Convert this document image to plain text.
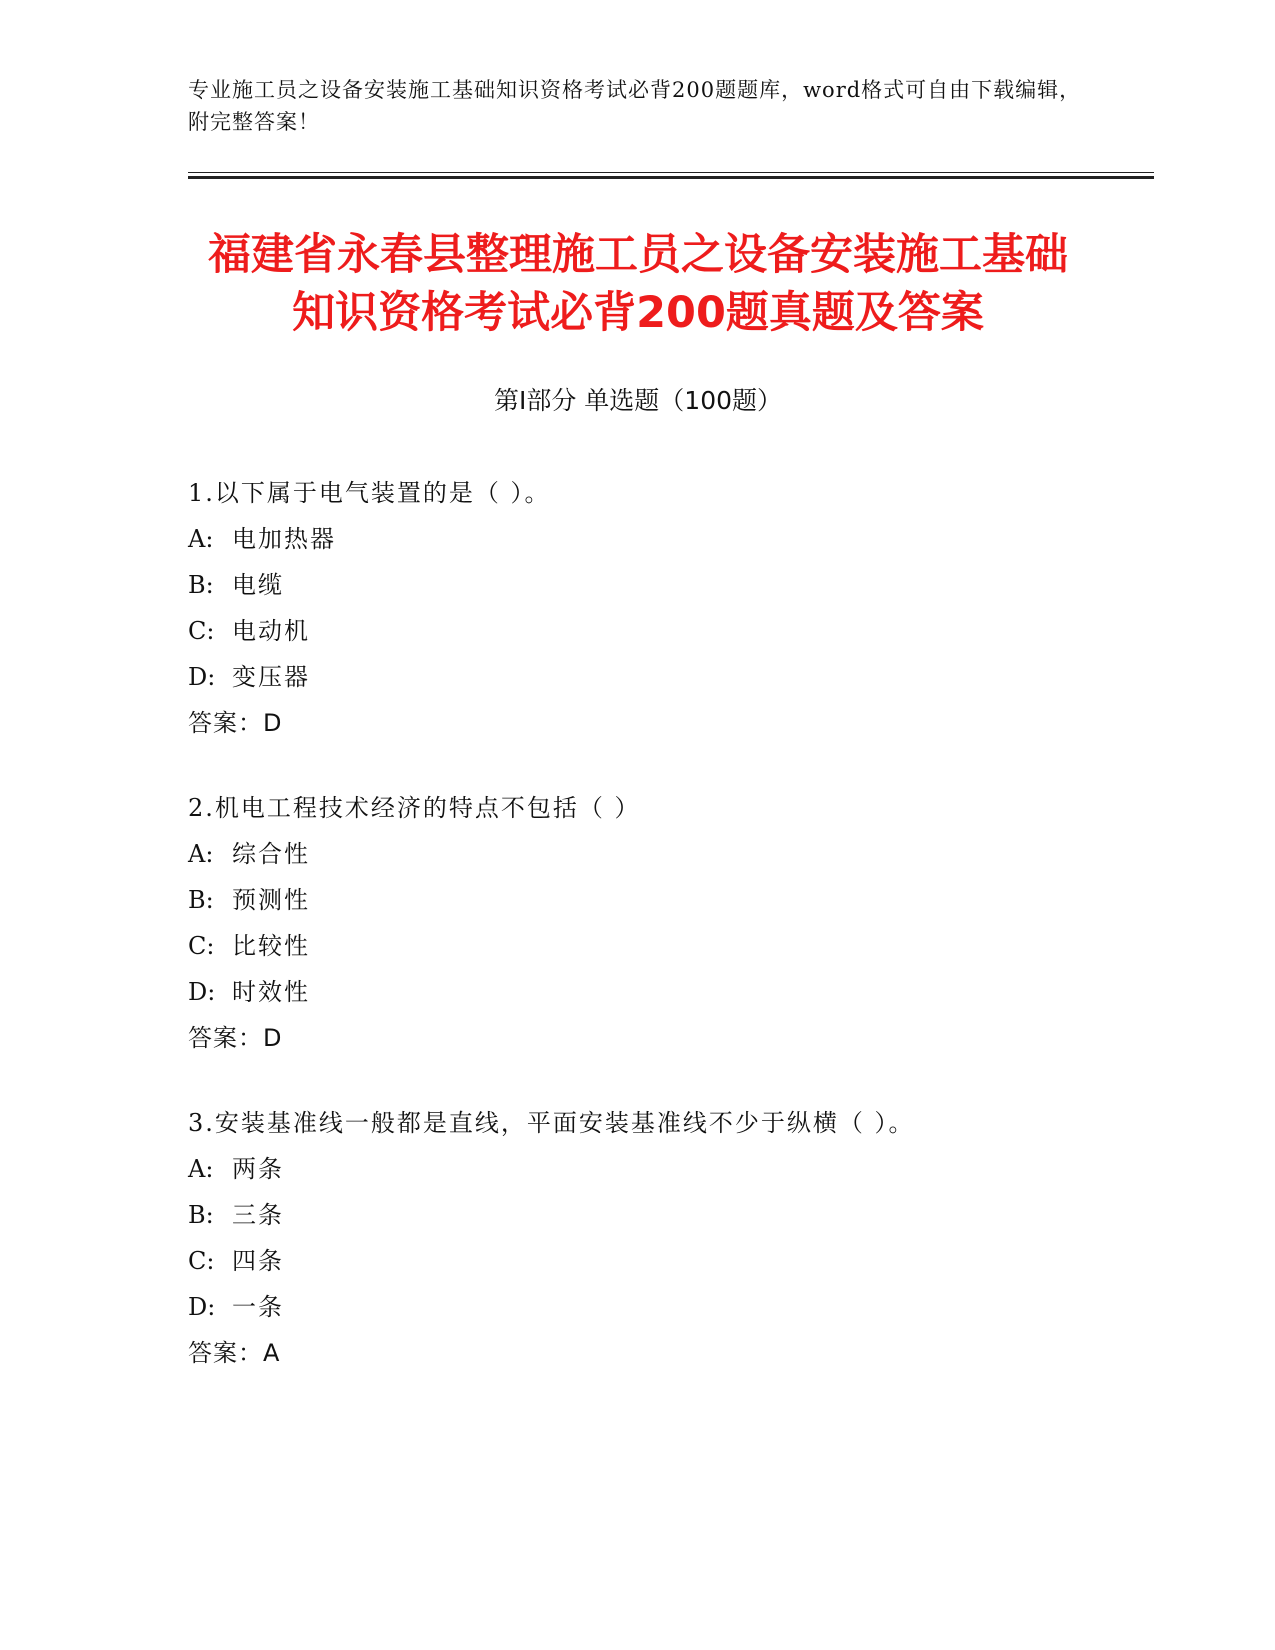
专业施工员之设备安装施工基础知识资格考试必背200题题库，word格式可自由下载编辑，附完整答案！
福建省永春县整理施工员之设备安装施工基础知识资格考试必背200题真题及答案
第I部分 单选题（100题）
1.以下属于电气装置的是（ ）。
A: 电加热器
B: 电缆
C: 电动机
D: 变压器
答案：D
2.机电工程技术经济的特点不包括（ ）
A: 综合性
B: 预测性
C: 比较性
D: 时效性
答案：D
3.安装基准线一般都是直线，平面安装基准线不少于纵横（ ）。
A: 两条
B: 三条
C: 四条
D: 一条
答案：A
